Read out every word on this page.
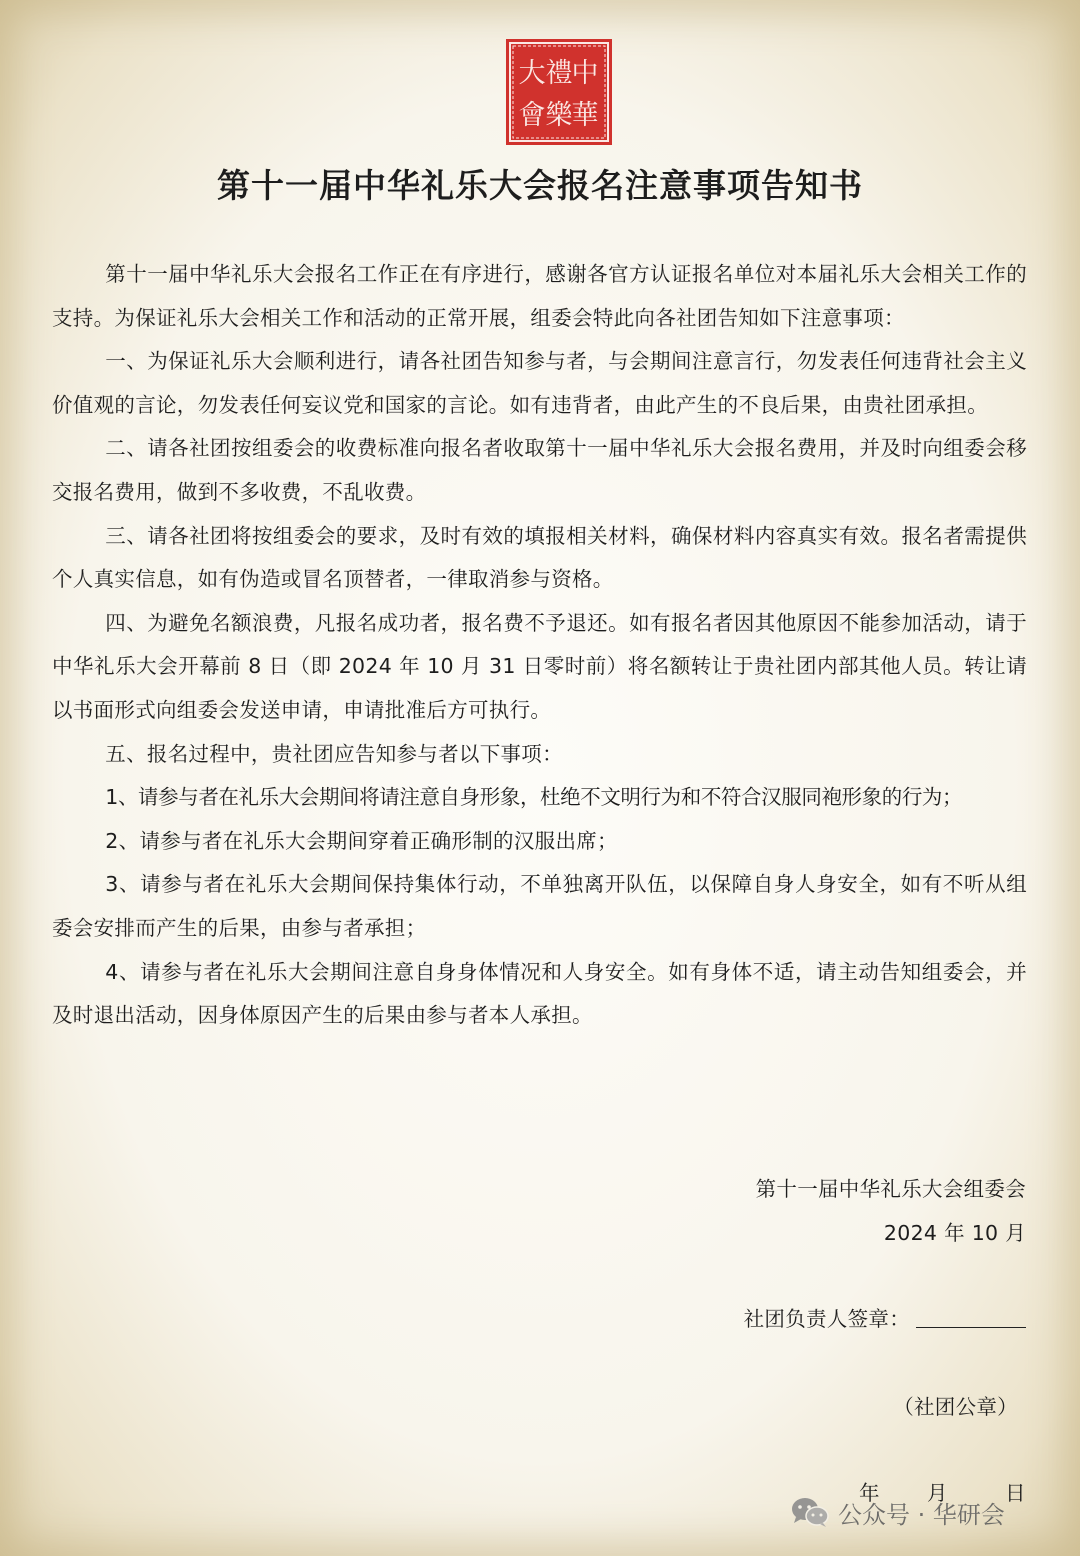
中
華
禮
樂
大
會
第十一届中华礼乐大会报名注意事项告知书

第十一届中华礼乐大会报名工作正在有序进行，感谢各官方认证报名单位对本届礼乐大会相关工作的支持。为保证礼乐大会相关工作和活动的正常开展，组委会特此向各社团告知如下注意事项：

一、为保证礼乐大会顺利进行，请各社团告知参与者，与会期间注意言行，勿发表任何违背社会主义价值观的言论，勿发表任何妄议党和国家的言论。如有违背者，由此产生的不良后果，由贵社团承担。

二、请各社团按组委会的收费标准向报名者收取第十一届中华礼乐大会报名费用，并及时向组委会移交报名费用，做到不多收费，不乱收费。

三、请各社团将按组委会的要求，及时有效的填报相关材料，确保材料内容真实有效。报名者需提供个人真实信息，如有伪造或冒名顶替者，一律取消参与资格。

四、为避免名额浪费，凡报名成功者，报名费不予退还。如有报名者因其他原因不能参加活动，请于中华礼乐大会开幕前 8 日（即 2024 年 10 月 31 日零时前）将名额转让于贵社团内部其他人员。转让请以书面形式向组委会发送申请，申请批准后方可执行。

五、报名过程中，贵社团应告知参与者以下事项：

1、请参与者在礼乐大会期间将请注意自身形象，杜绝不文明行为和不符合汉服同袍形象的行为；

2、请参与者在礼乐大会期间穿着正确形制的汉服出席；

3、请参与者在礼乐大会期间保持集体行动，不单独离开队伍，以保障自身人身安全，如有不听从组委会安排而产生的后果，由参与者承担；

4、请参与者在礼乐大会期间注意自身身体情况和人身安全。如有身体不适，请主动告知组委会，并及时退出活动，因身体原因产生的后果由参与者本人承担。

第十一届中华礼乐大会组委会
2024 年 10 月
社团负责人签章：
（社团公章）
年 月	日
公众号 · 华研会
